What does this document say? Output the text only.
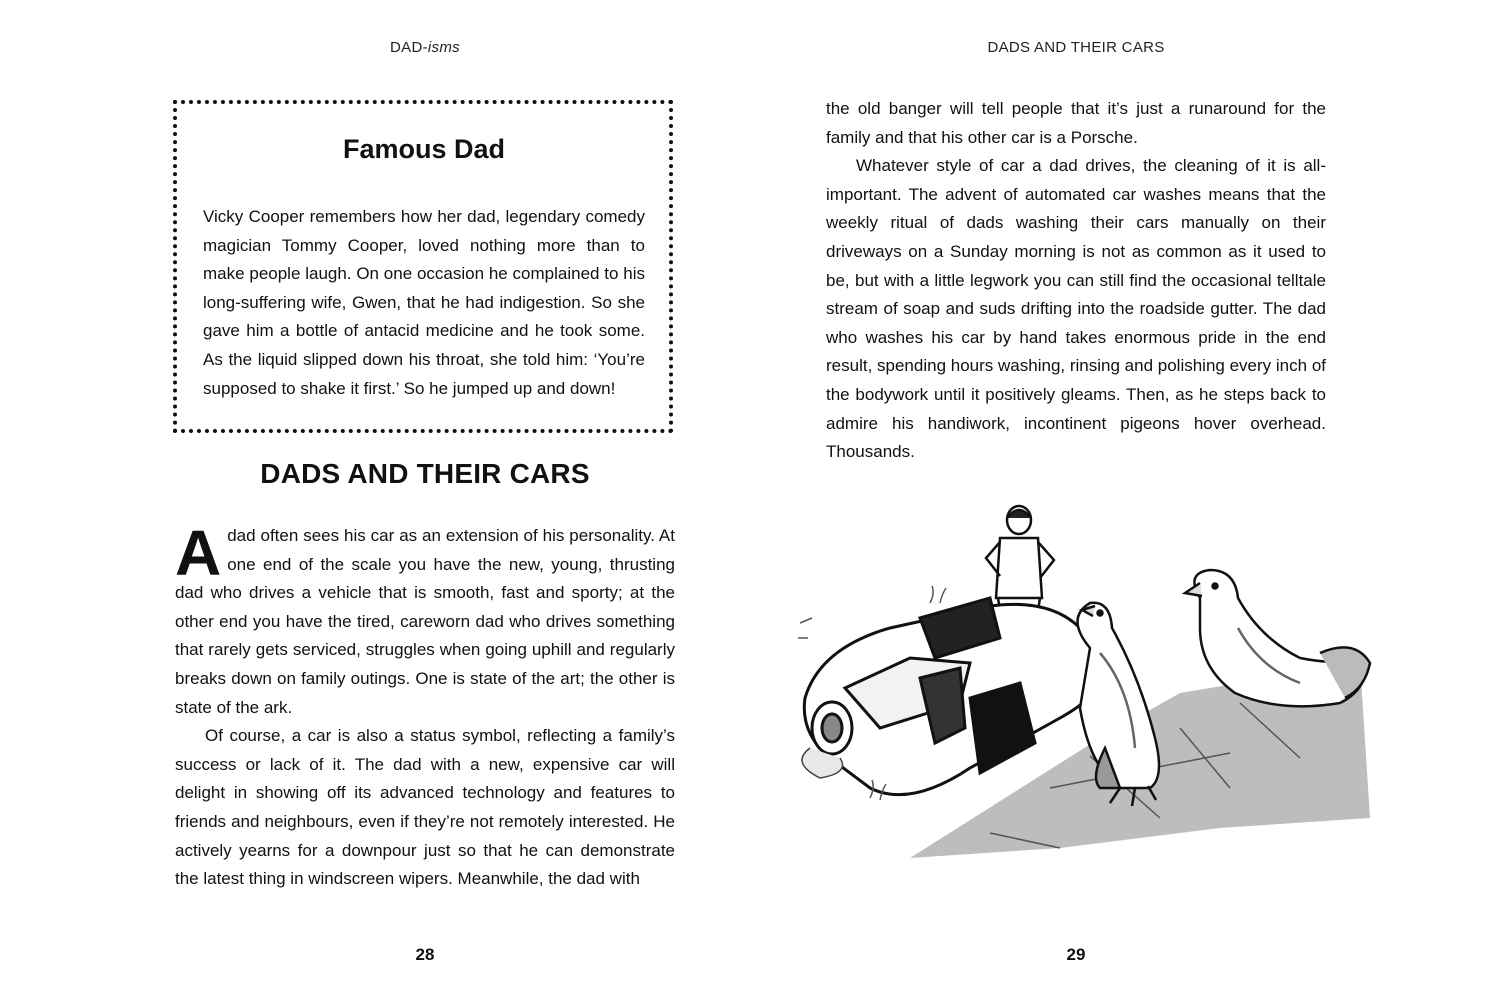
DAD-isms
Famous Dad

Vicky Cooper remembers how her dad, legendary comedy magician Tommy Cooper, loved nothing more than to make people laugh. On one occasion he complained to his long-suffering wife, Gwen, that he had indigestion. So she gave him a bottle of antacid medicine and he took some. As the liquid slipped down his throat, she told him: ‘You’re supposed to shake it first.’ So he jumped up and down!

DADS AND THEIR CARS

Adad often sees his car as an extension of his personality. At one end of the scale you have the new, young, thrusting dad who drives a vehicle that is smooth, fast and sporty; at the other end you have the tired, careworn dad who drives something that rarely gets serviced, struggles when going uphill and regularly breaks down on family outings. One is state of the art; the other is state of the ark.

Of course, a car is also a status symbol, reflecting a family’s success or lack of it. The dad with a new, expensive car will delight in showing off its advanced technology and features to friends and neighbours, even if they’re not remotely interested. He actively yearns for a downpour just so that he can demonstrate the latest thing in windscreen wipers. Meanwhile, the dad with

28
DADS AND THEIR CARS

the old banger will tell people that it’s just a runaround for the family and that his other car is a Porsche.

Whatever style of car a dad drives, the cleaning of it is all-important. The advent of automated car washes means that the weekly ritual of dads washing their cars manually on their driveways on a Sunday morning is not as common as it used to be, but with a little legwork you can still find the occasional telltale stream of soap and suds drifting into the roadside gutter. The dad who washes his car by hand takes enormous pride in the end result, spending hours washing, rinsing and polishing every inch of the bodywork until it positively gleams. Then, as he steps back to admire his handiwork, incontinent pigeons hover overhead. Thousands.

29
